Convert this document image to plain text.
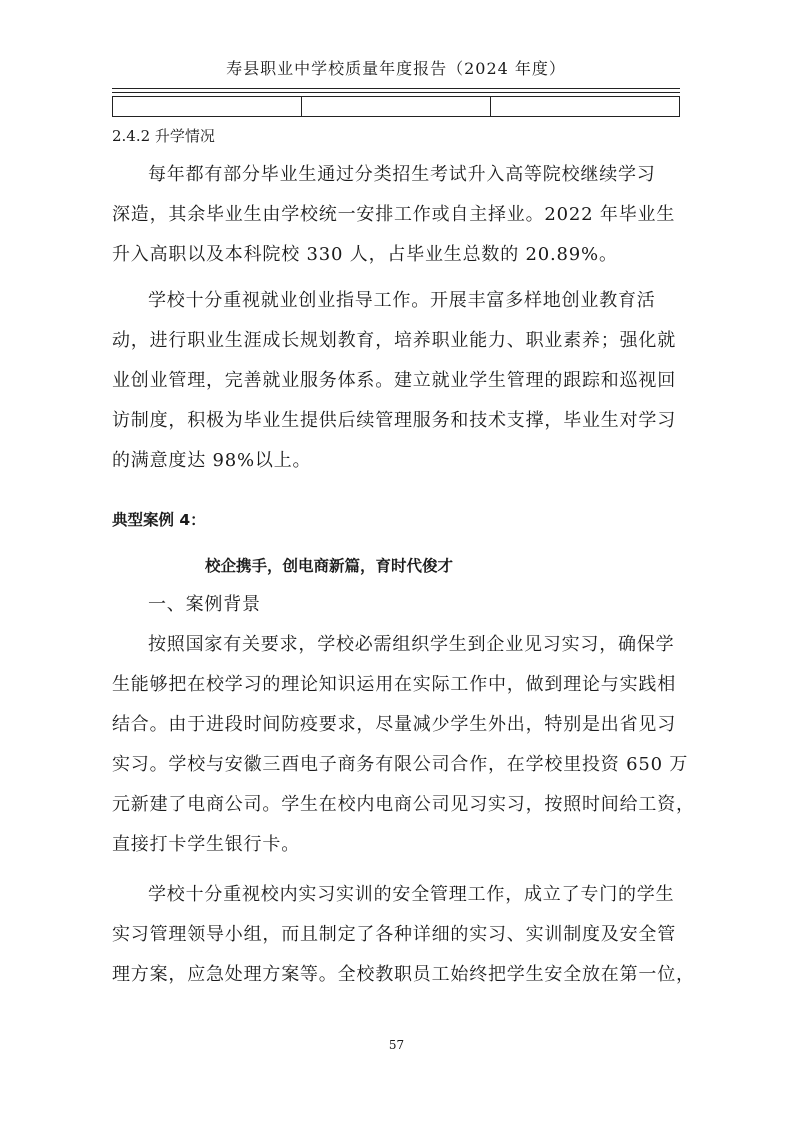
寿县职业中学校质量年度报告（2024 年度）

2.4.2 升学情况
每年都有部分毕业生通过分类招生考试升入高等院校继续学习
深造，其余毕业生由学校统一安排工作或自主择业。2022 年毕业生
升入高职以及本科院校 330 人，占毕业生总数的 20.89%。
学校十分重视就业创业指导工作。开展丰富多样地创业教育活
动，进行职业生涯成长规划教育，培养职业能力、职业素养；强化就
业创业管理，完善就业服务体系。建立就业学生管理的跟踪和巡视回
访制度，积极为毕业生提供后续管理服务和技术支撑，毕业生对学习
的满意度达 98%以上。
典型案例 4：
校企携手，创电商新篇，育时代俊才
一、案例背景
按照国家有关要求，学校必需组织学生到企业见习实习，确保学
生能够把在校学习的理论知识运用在实际工作中，做到理论与实践相
结合。由于进段时间防疫要求，尽量减少学生外出，特别是出省见习
实习。学校与安徽三酉电子商务有限公司合作，在学校里投资 650 万
元新建了电商公司。学生在校内电商公司见习实习，按照时间给工资，
直接打卡学生银行卡。
学校十分重视校内实习实训的安全管理工作，成立了专门的学生
实习管理领导小组，而且制定了各种详细的实习、实训制度及安全管
理方案，应急处理方案等。全校教职员工始终把学生安全放在第一位，
57
